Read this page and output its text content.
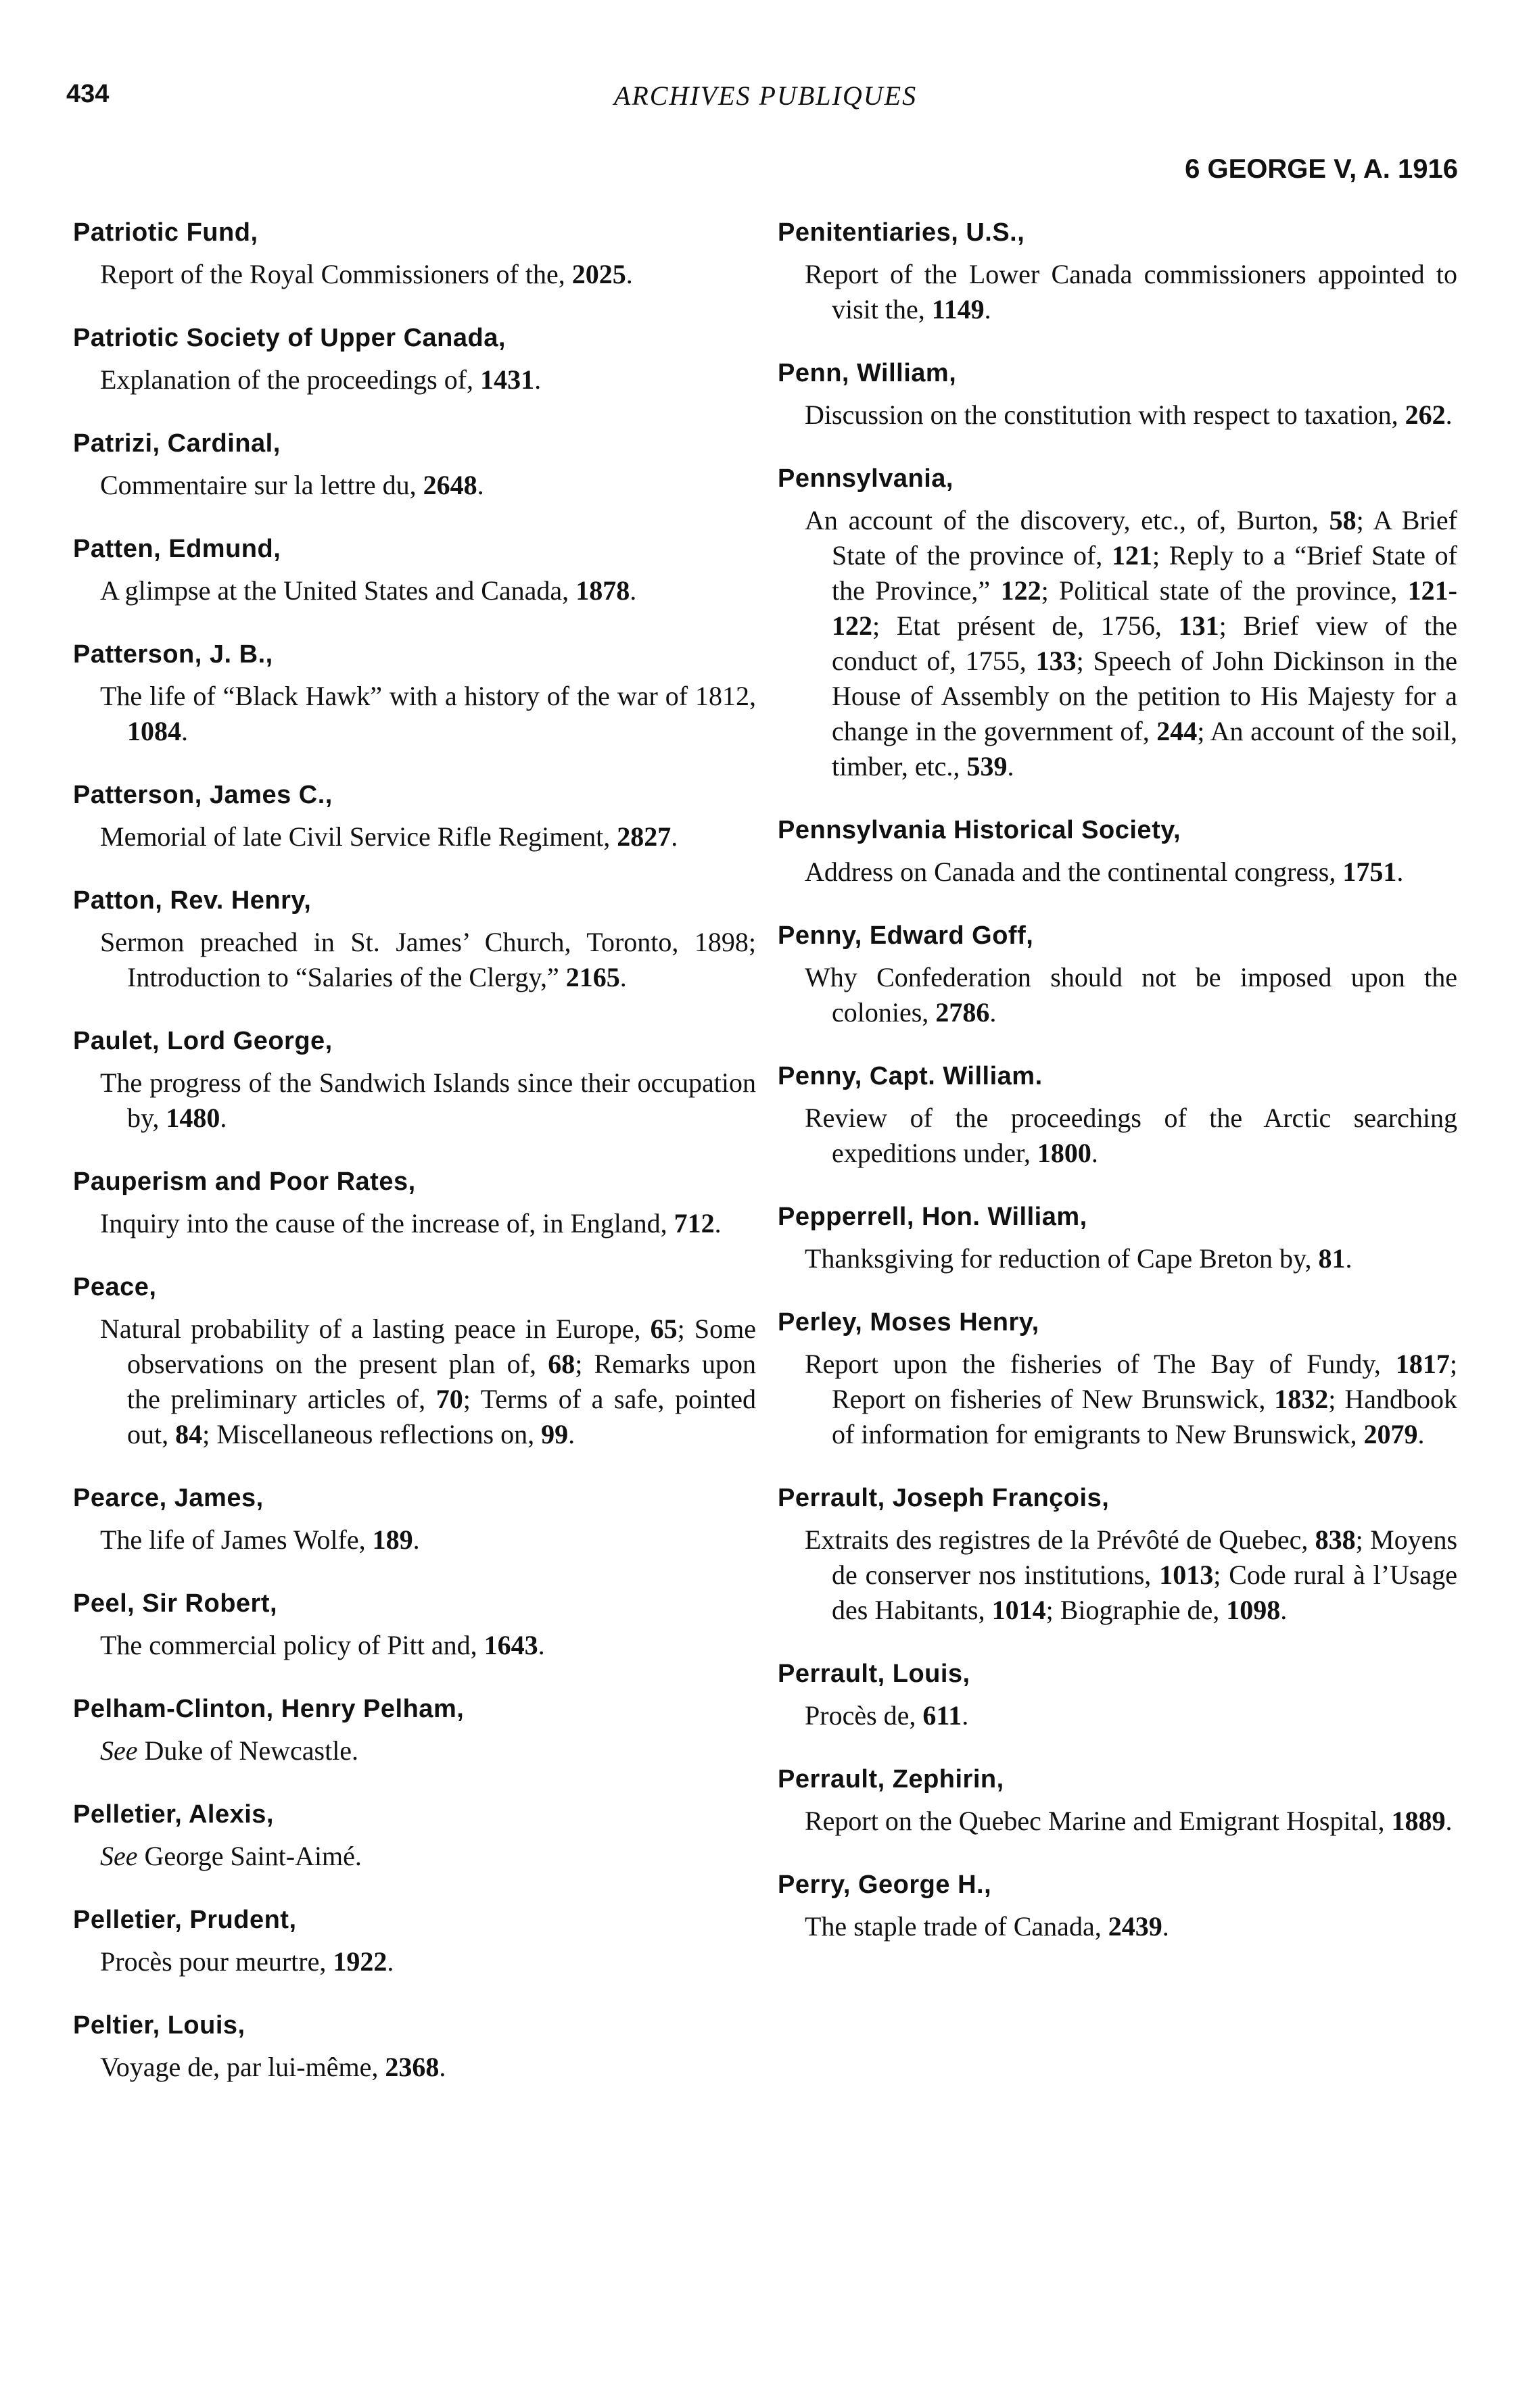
434	ARCHIVES PUBLIQUES
6 GEORGE V, A. 1916
Patriotic Fund,
Report of the Royal Commissioners of the, 2025.
Patriotic Society of Upper Canada,
Explanation of the proceedings of, 1431.
Patrizi, Cardinal,
Commentaire sur la lettre du, 2648.
Patten, Edmund,
A glimpse at the United States and Canada, 1878.
Patterson, J. B.,
The life of “Black Hawk” with a history of the war of 1812, 1084.
Patterson, James C.,
Memorial of late Civil Service Rifle Regiment, 2827.
Patton, Rev. Henry,
Sermon preached in St. James’ Church, Toronto, 1898; Introduction to “Salaries of the Clergy,” 2165.
Paulet, Lord George,
The progress of the Sandwich Islands since their occupation by, 1480.
Pauperism and Poor Rates,
Inquiry into the cause of the increase of, in England, 712.
Peace,
Natural probability of a lasting peace in Europe, 65; Some observations on the present plan of, 68; Remarks upon the preliminary articles of, 70; Terms of a safe, pointed out, 84; Miscellaneous reflections on, 99.
Pearce, James,
The life of James Wolfe, 189.
Peel, Sir Robert,
The commercial policy of Pitt and, 1643.
Pelham-Clinton, Henry Pelham,
See Duke of Newcastle.
Pelletier, Alexis,
See George Saint-Aimé.
Pelletier, Prudent,
Procès pour meurtre, 1922.
Peltier, Louis,
Voyage de, par lui-même, 2368.
Penitentiaries, U.S.,
Report of the Lower Canada commissioners appointed to visit the, 1149.
Penn, William,
Discussion on the constitution with respect to taxation, 262.
Pennsylvania,
An account of the discovery, etc., of, Burton, 58; A Brief State of the province of, 121; Reply to a “Brief State of the Province,” 122; Political state of the province, 121-122; Etat présent de, 1756, 131; Brief view of the conduct of, 1755, 133; Speech of John Dickinson in the House of Assembly on the petition to His Majesty for a change in the government of, 244; An account of the soil, timber, etc., 539.
Pennsylvania Historical Society,
Address on Canada and the continental congress, 1751.
Penny, Edward Goff,
Why Confederation should not be imposed upon the colonies, 2786.
Penny, Capt. William.
Review of the proceedings of the Arctic searching expeditions under, 1800.
Pepperrell, Hon. William,
Thanksgiving for reduction of Cape Breton by, 81.
Perley, Moses Henry,
Report upon the fisheries of The Bay of Fundy, 1817; Report on fisheries of New Brunswick, 1832; Handbook of information for emigrants to New Brunswick, 2079.
Perrault, Joseph François,
Extraits des registres de la Prévôté de Quebec, 838; Moyens de conserver nos institutions, 1013; Code rural à l’Usage des Habitants, 1014; Biographie de, 1098.
Perrault, Louis,
Procès de, 611.
Perrault, Zephirin,
Report on the Quebec Marine and Emigrant Hospital, 1889.
Perry, George H.,
The staple trade of Canada, 2439.
